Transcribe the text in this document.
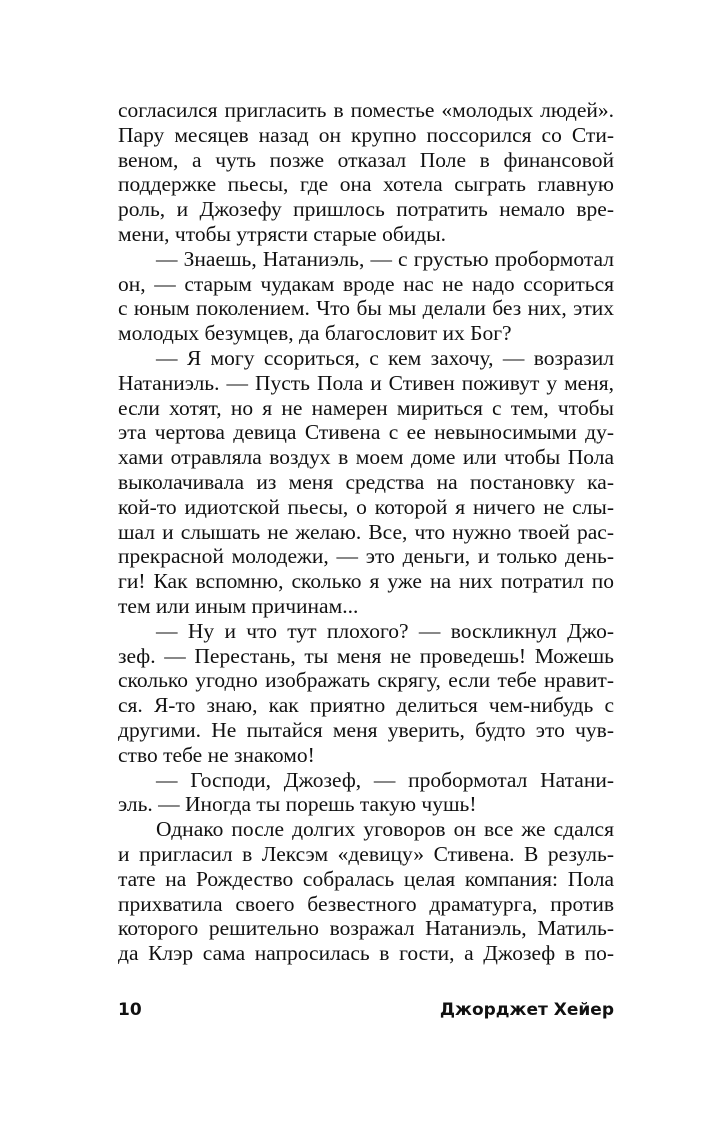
согласился пригласить в поместье «молодых людей».
Пару месяцев назад он крупно поссорился со Сти-
веном, а чуть позже отказал Поле в финансовой
поддержке пьесы, где она хотела сыграть главную
роль, и Джозефу пришлось потратить немало вре-
мени, чтобы утрясти старые обиды.
— Знаешь, Натаниэль, — с грустью пробормотал
он, — старым чудакам вроде нас не надо ссориться
с юным поколением. Что бы мы делали без них, этих
молодых безумцев, да благословит их Бог?
— Я могу ссориться, с кем захочу, — возразил
Натаниэль. — Пусть Пола и Стивен поживут у меня,
если хотят, но я не намерен мириться с тем, чтобы
эта чертова девица Стивена с ее невыносимыми ду-
хами отравляла воздух в моем доме или чтобы Пола
выколачивала из меня средства на постановку ка-
кой-то идиотской пьесы, о которой я ничего не слы-
шал и слышать не желаю. Все, что нужно твоей рас-
прекрасной молодежи, — это деньги, и только день-
ги! Как вспомню, сколько я уже на них потратил по
тем или иным причинам...
— Ну и что тут плохого? — воскликнул Джо-
зеф. — Перестань, ты меня не проведешь! Можешь
сколько угодно изображать скрягу, если тебе нравит-
ся. Я-то знаю, как приятно делиться чем-нибудь с
другими. Не пытайся меня уверить, будто это чув-
ство тебе не знакомо!
— Господи, Джозеф, — пробормотал Натани-
эль. — Иногда ты порешь такую чушь!
Однако после долгих уговоров он все же сдался
и пригласил в Лексэм «девицу» Стивена. В резуль-
тате на Рождество собралась целая компания: Пола
прихватила своего безвестного драматурга, против
которого решительно возражал Натаниэль, Матиль-
да Клэр сама напросилась в гости, а Джозеф в по-
10	Джорджет Хейер
